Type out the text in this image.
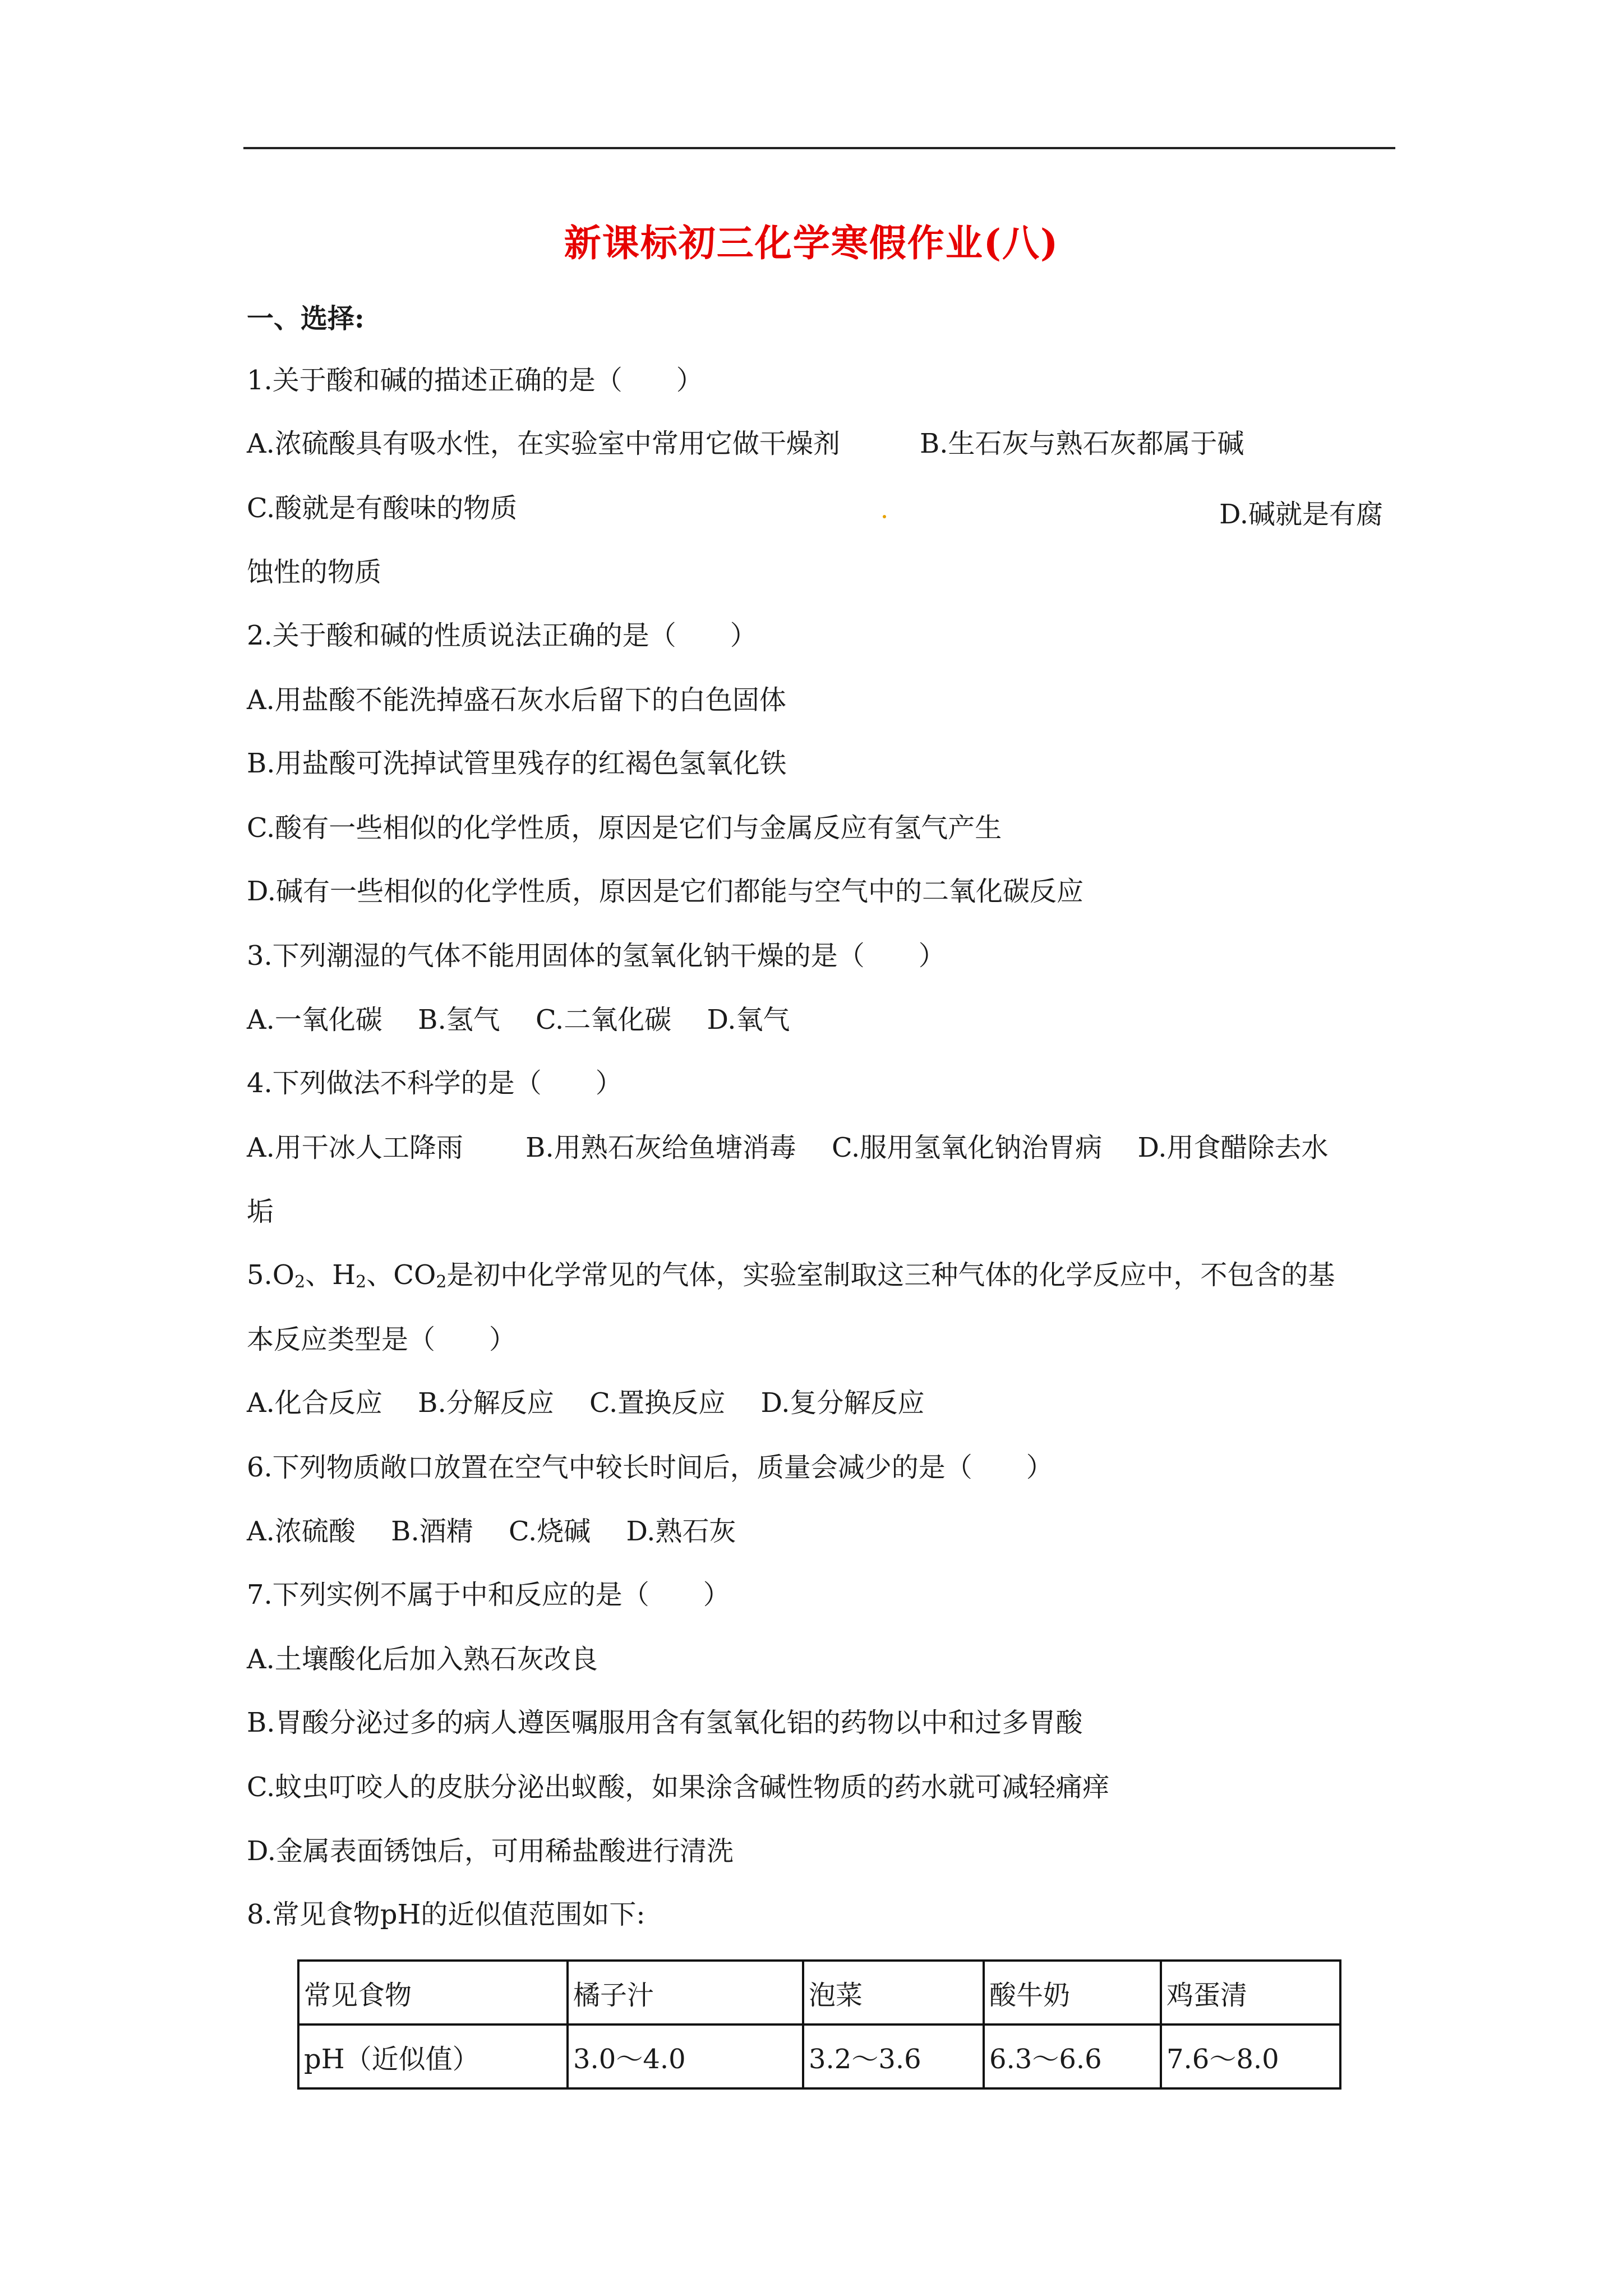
新课标初三化学寒假作业(八)
一、选择:
1.关于酸和碱的描述正确的是（　　）
A.浓硫酸具有吸水性，在实验室中常用它做干燥剂	B.生石灰与熟石灰都属于碱
C.酸就是有酸味的物质	D.碱就是有腐
蚀性的物质
2.关于酸和碱的性质说法正确的是（　　）
A.用盐酸不能洗掉盛石灰水后留下的白色固体
B.用盐酸可洗掉试管里残存的红褐色氢氧化铁
C.酸有一些相似的化学性质，原因是它们与金属反应有氢气产生
D.碱有一些相似的化学性质，原因是它们都能与空气中的二氧化碳反应
3.下列潮湿的气体不能用固体的氢氧化钠干燥的是（　　）
A.一氧化碳　 B.氢气　 C.二氧化碳　 D.氧气
4.下列做法不科学的是（　　）
A.用干冰人工降雨　　 B.用熟石灰给鱼塘消毒　 C.服用氢氧化钠治胃病　 D.用食醋除去水
垢
$5.O_2$、$H_2$、$CO_2$是初中化学常见的气体，实验室制取这三种气体的化学反应中，不包含的基
本反应类型是（　　）
A.化合反应　 B.分解反应　 C.置换反应　 D.复分解反应
6.下列物质敞口放置在空气中较长时间后，质量会减少的是（　　）
A.浓硫酸　 B.酒精　 C.烧碱　 D.熟石灰
7.下列实例不属于中和反应的是（　　）
A.土壤酸化后加入熟石灰改良
B.胃酸分泌过多的病人遵医嘱服用含有氢氧化铝的药物以中和过多胃酸
C.蚊虫叮咬人的皮肤分泌出蚁酸，如果涂含碱性物质的药水就可减轻痛痒
D.金属表面锈蚀后，可用稀盐酸进行清洗
8.常见食物pH的近似值范围如下:
常见食物	橘子汁	泡菜	酸牛奶	鸡蛋清
pH（近似值）	3.0～4.0	3.2～3.6	6.3～6.6	7.6～8.0
